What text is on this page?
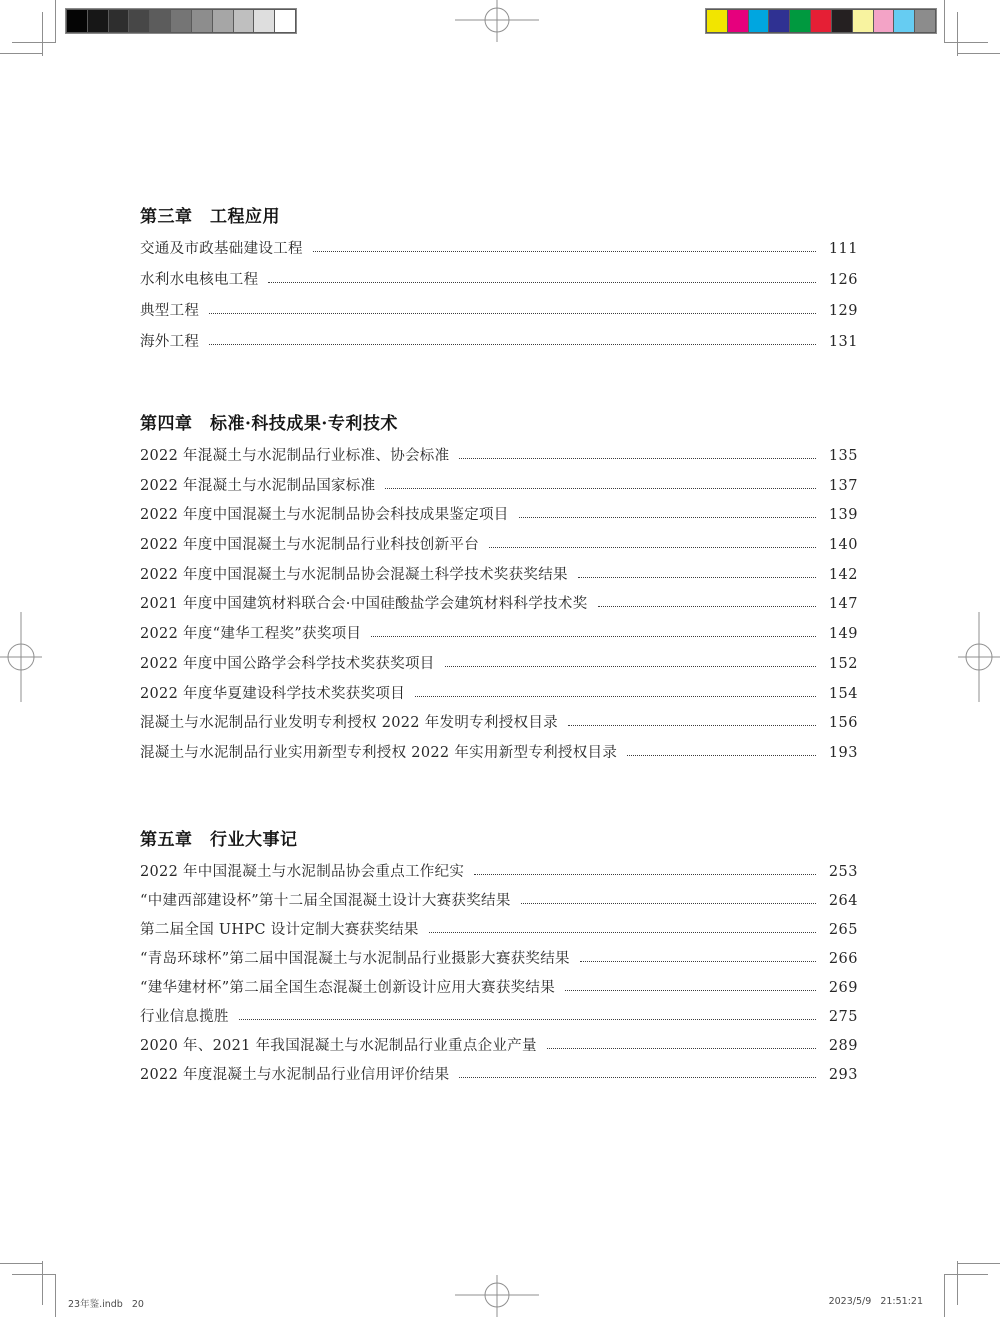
第三章　工程应用
交通及市政基础建设工程	111
水利水电核电工程	126
典型工程	129
海外工程	131
第四章　标准·科技成果·专利技术
2022 年混凝土与水泥制品行业标准、协会标准	135
2022 年混凝土与水泥制品国家标准	137
2022 年度中国混凝土与水泥制品协会科技成果鉴定项目	139
2022 年度中国混凝土与水泥制品行业科技创新平台	140
2022 年度中国混凝土与水泥制品协会混凝土科学技术奖获奖结果	142
2021 年度中国建筑材料联合会·中国硅酸盐学会建筑材料科学技术奖	147
2022 年度“建华工程奖”获奖项目	149
2022 年度中国公路学会科学技术奖获奖项目	152
2022 年度华夏建设科学技术奖获奖项目	154
混凝土与水泥制品行业发明专利授权 2022 年发明专利授权目录	156
混凝土与水泥制品行业实用新型专利授权 2022 年实用新型专利授权目录	193
第五章　行业大事记
2022 年中国混凝土与水泥制品协会重点工作纪实	253
“中建西部建设杯”第十二届全国混凝土设计大赛获奖结果	264
第二届全国 UHPC 设计定制大赛获奖结果	265
“青岛环球杯”第二届中国混凝土与水泥制品行业摄影大赛获奖结果	266
“建华建材杯”第二届全国生态混凝土创新设计应用大赛获奖结果	269
行业信息揽胜	275
2020 年、2021 年我国混凝土与水泥制品行业重点企业产量	289
2022 年度混凝土与水泥制品行业信用评价结果	293
23年鉴.indb   20	2023/5/9   21:51:21
